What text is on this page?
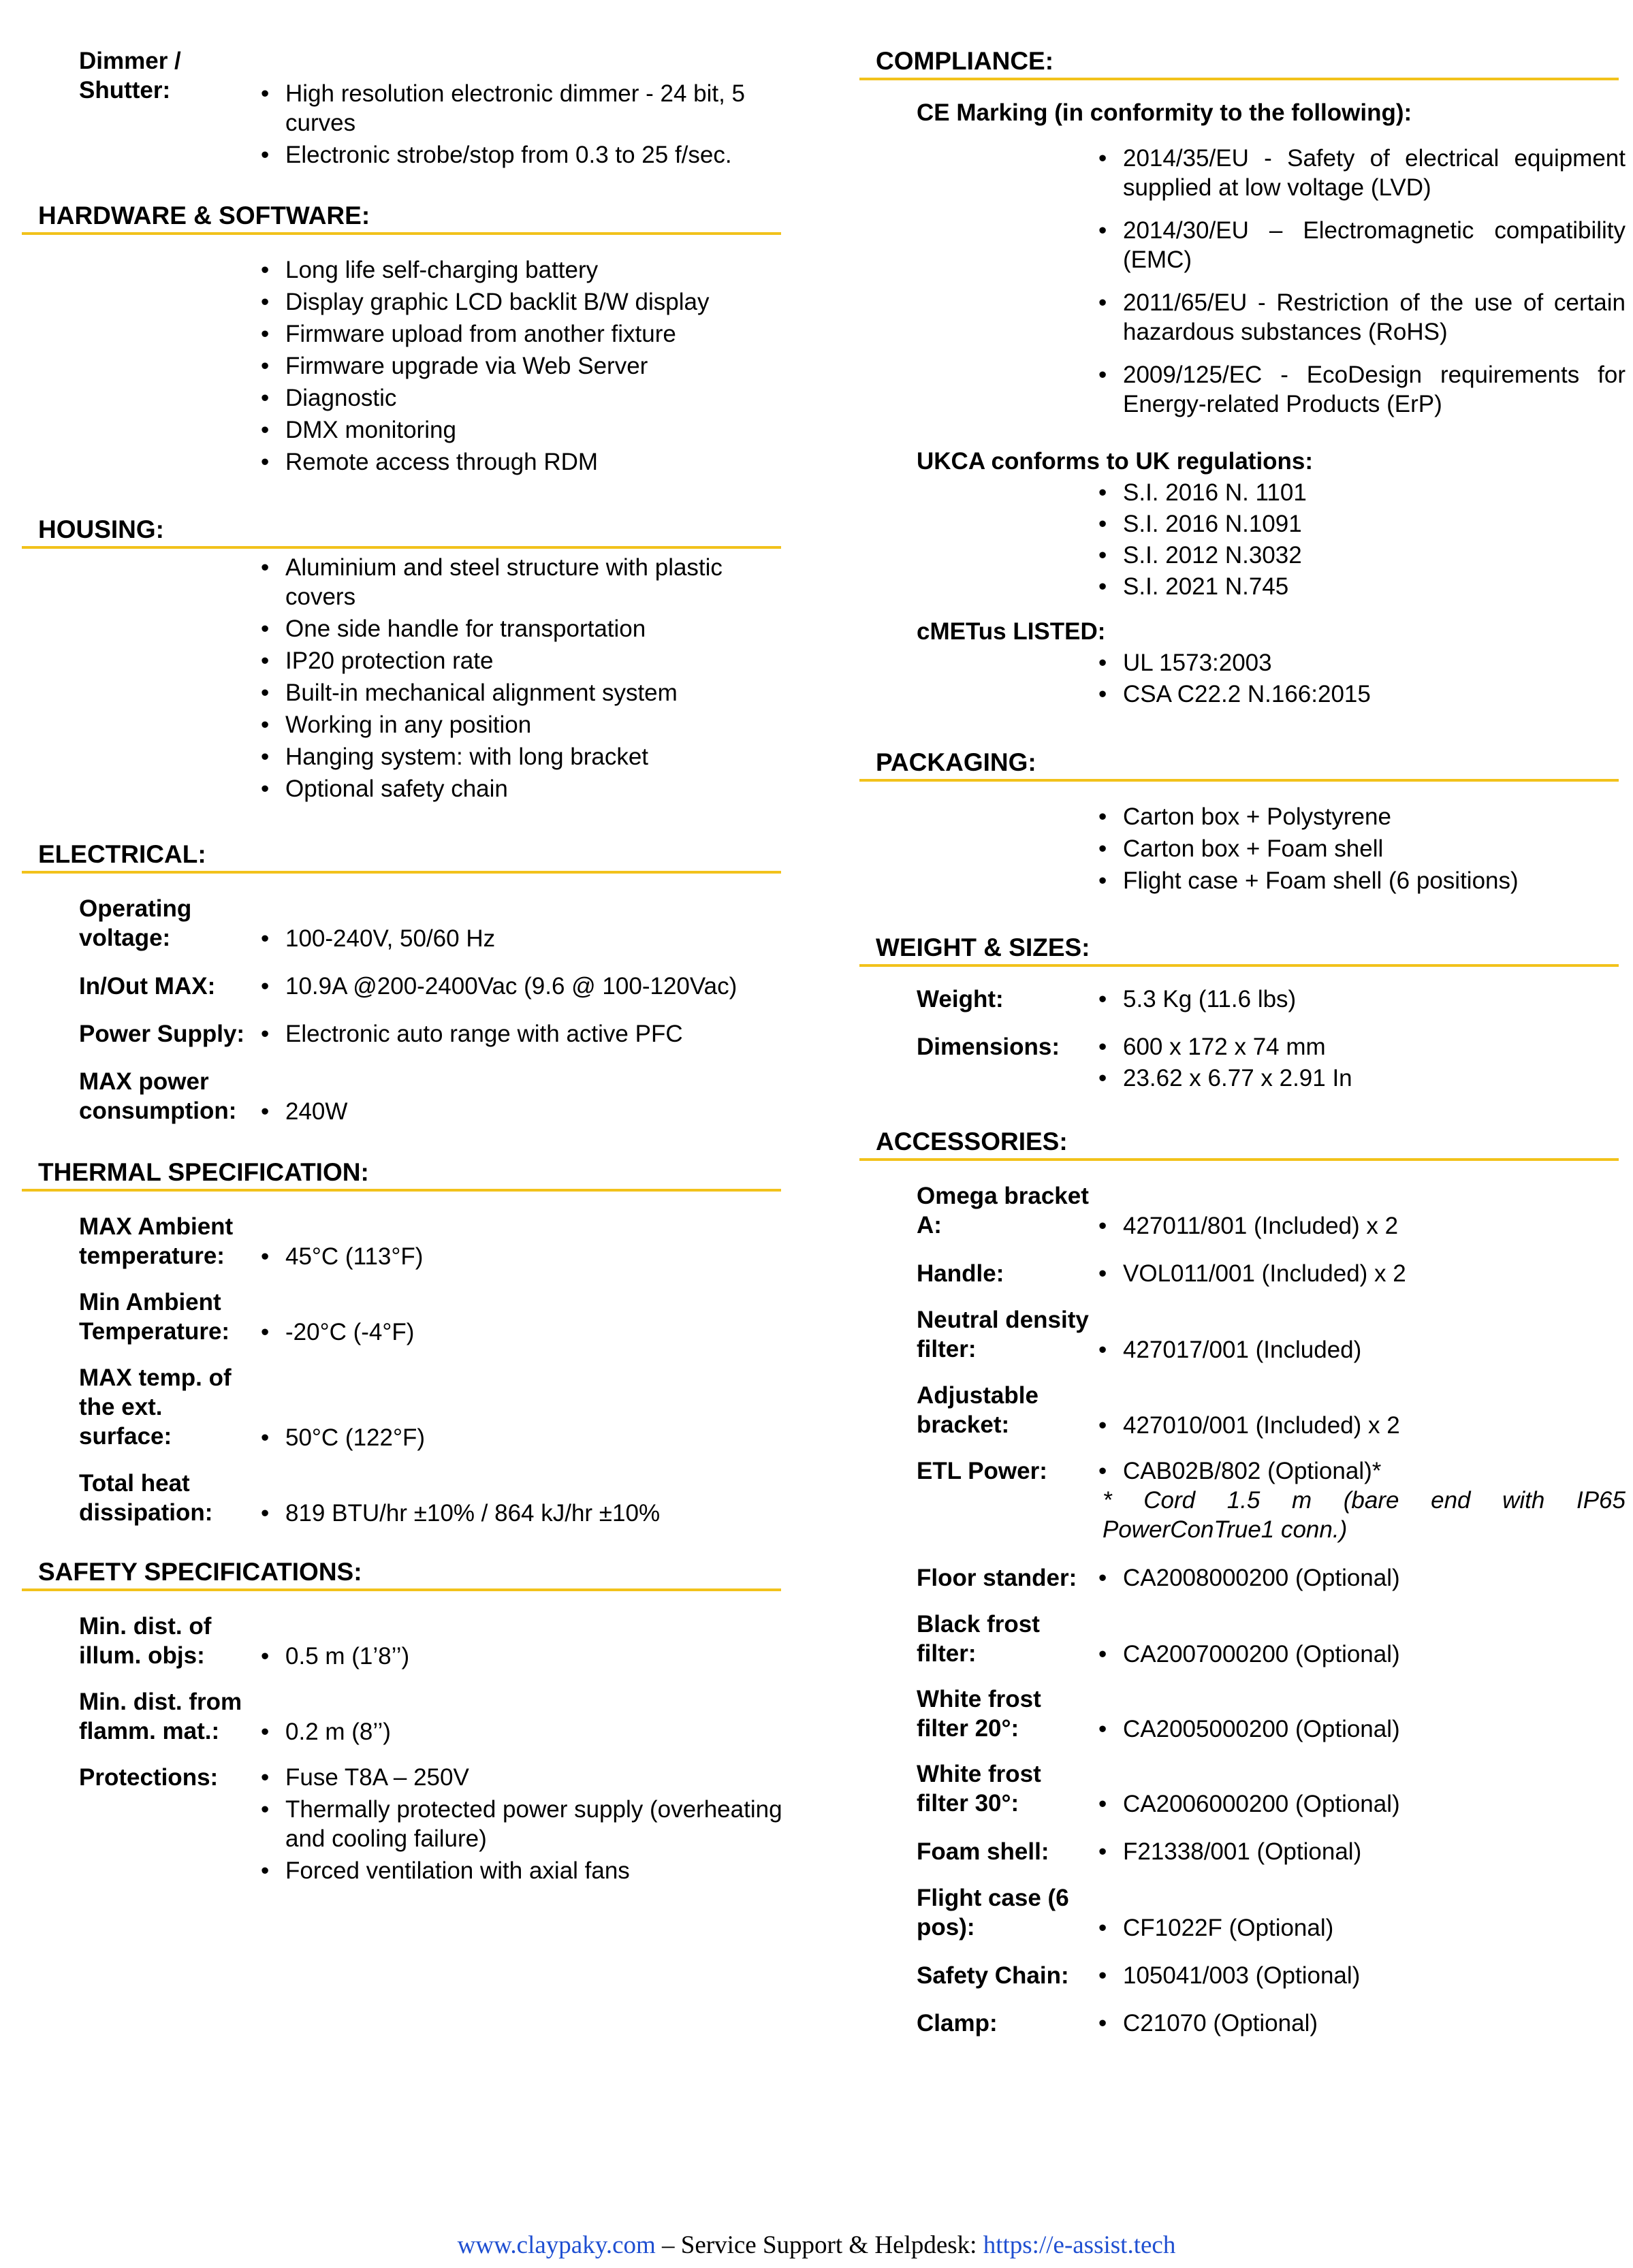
Dimmer / Shutter:	• High resolution electronic dimmer - 24 bit, 5 curves
• Electronic strobe/stop from 0.3 to 25 f/sec.
HARDWARE & SOFTWARE:
• Long life self-charging battery
• Display graphic LCD backlit B/W display
• Firmware upload from another fixture
• Firmware upgrade via Web Server
• Diagnostic
• DMX monitoring
• Remote access through RDM
HOUSING:
• Aluminium and steel structure with plastic covers
• One side handle for transportation
• IP20 protection rate
• Built-in mechanical alignment system
• Working in any position
• Hanging system: with long bracket
• Optional safety chain
ELECTRICAL:
Operating voltage:	• 100-240V, 50/60 Hz
In/Out MAX:	• 10.9A @200-2400Vac (9.6 @ 100-120Vac)
Power Supply:	• Electronic auto range with active PFC
MAX power consumption:	• 240W
THERMAL SPECIFICATION:
MAX Ambient temperature:	• 45°C (113°F)
Min Ambient Temperature:	• -20°C (-4°F)
MAX temp. of the ext. surface:	• 50°C (122°F)
Total heat dissipation:	• 819 BTU/hr ±10% / 864 kJ/hr ±10%
SAFETY SPECIFICATIONS:
Min. dist. of illum. objs:	• 0.5 m (1’8’’)
Min. dist. from flamm. mat.:	• 0.2 m (8’’)
Protections:	• Fuse T8A – 250V
• Thermally protected power supply (overheating and cooling failure)
• Forced ventilation with axial fans
COMPLIANCE:
CE Marking (in conformity to the following):
• 2014/35/EU - Safety of electrical equipment supplied at low voltage (LVD)
• 2014/30/EU – Electromagnetic compatibility (EMC)
• 2011/65/EU - Restriction of the use of certain hazardous substances (RoHS)
• 2009/125/EC - EcoDesign requirements for Energy-related Products (ErP)
UKCA conforms to UK regulations:
• S.I. 2016 N. 1101
• S.I. 2016 N.1091
• S.I. 2012 N.3032
• S.I. 2021 N.745
cMETus LISTED:
• UL 1573:2003
• CSA C22.2 N.166:2015
PACKAGING:
• Carton box + Polystyrene
• Carton box + Foam shell
• Flight case + Foam shell (6 positions)
WEIGHT & SIZES:
Weight:	• 5.3 Kg (11.6 lbs)
Dimensions:	• 600 x 172 x 74 mm
• 23.62 x 6.77 x 2.91 In
ACCESSORIES:
Omega bracket A:	• 427011/801 (Included) x 2
Handle:	• VOL011/001 (Included) x 2
Neutral density filter:	• 427017/001 (Included)
Adjustable bracket:	• 427010/001 (Included) x 2
ETL Power:	• CAB02B/802 (Optional)*
* Cord 1.5 m (bare end with IP65 PowerConTrue1 conn.)
Floor stander:	• CA2008000200 (Optional)
Black frost filter:	• CA2007000200 (Optional)
White frost filter 20°:	• CA2005000200 (Optional)
White frost filter 30°:	• CA2006000200 (Optional)
Foam shell:	• F21338/001 (Optional)
Flight case (6 pos):	• CF1022F (Optional)
Safety Chain:	• 105041/003 (Optional)
Clamp:	• C21070 (Optional)
www.claypaky.com – Service Support & Helpdesk: https://e-assist.tech
